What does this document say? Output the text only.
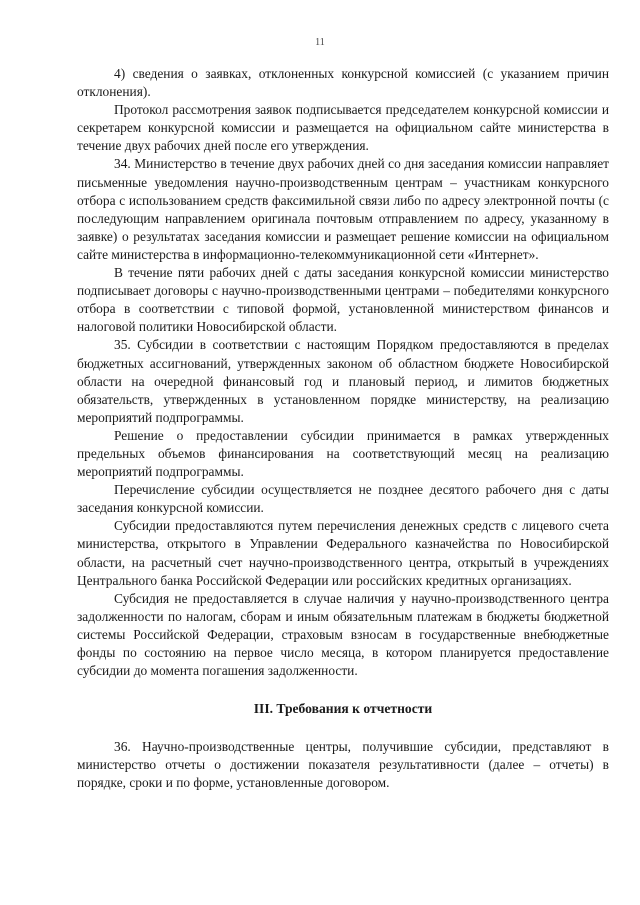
11

4) сведения о заявках, отклоненных конкурсной комиссией (с указанием причин отклонения).

Протокол рассмотрения заявок подписывается председателем конкурсной комиссии и секретарем конкурсной комиссии и размещается на официальном сайте министерства в течение двух рабочих дней после его утверждения.

34. Министерство в течение двух рабочих дней со дня заседания комиссии направляет письменные уведомления научно-производственным центрам – участникам конкурсного отбора с использованием средств факсимильной связи либо по адресу электронной почты (с последующим направлением оригинала почтовым отправлением по адресу, указанному в заявке) о результатах заседания комиссии и размещает решение комиссии на официальном сайте министерства в информационно-телекоммуникационной сети «Интернет».

В течение пяти рабочих дней с даты заседания конкурсной комиссии министерство подписывает договоры с научно-производственными центрами – победителями конкурсного отбора в соответствии с типовой формой, установленной министерством финансов и налоговой политики Новосибирской области.

35. Субсидии в соответствии с настоящим Порядком предоставляются в пределах бюджетных ассигнований, утвержденных законом об областном бюджете Новосибирской области на очередной финансовый год и плановый период, и лимитов бюджетных обязательств, утвержденных в установленном порядке министерству, на реализацию мероприятий подпрограммы.

Решение о предоставлении субсидии принимается в рамках утвержденных предельных объемов финансирования на соответствующий месяц на реализацию мероприятий подпрограммы.

Перечисление субсидии осуществляется не позднее десятого рабочего дня с даты заседания конкурсной комиссии.

Субсидии предоставляются путем перечисления денежных средств с лицевого счета министерства, открытого в Управлении Федерального казначейства по Новосибирской области, на расчетный счет научно-производственного центра, открытый в учреждениях Центрального банка Российской Федерации или российских кредитных организациях.

Субсидия не предоставляется в случае наличия у научно-производственного центра задолженности по налогам, сборам и иным обязательным платежам в бюджеты бюджетной системы Российской Федерации, страховым взносам в государственные внебюджетные фонды по состоянию на первое число месяца, в котором планируется предоставление субсидии до момента погашения задолженности.

III. Требования к отчетности

36. Научно-производственные центры, получившие субсидии, представляют в министерство отчеты о достижении показателя результативности (далее – отчеты) в порядке, сроки и по форме, установленные договором.
